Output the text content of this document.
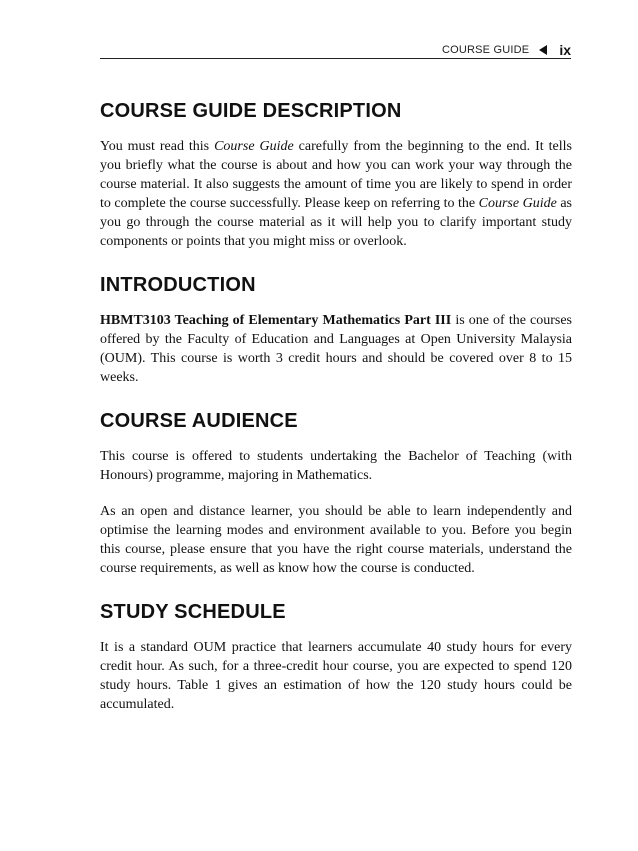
COURSE GUIDE ix
COURSE GUIDE DESCRIPTION

You must read this Course Guide carefully from the beginning to the end. It tells you briefly what the course is about and how you can work your way through the course material. It also suggests the amount of time you are likely to spend in order to complete the course successfully. Please keep on referring to the Course Guide as you go through the course material as it will help you to clarify important study components or points that you might miss or overlook.

INTRODUCTION

HBMT3103 Teaching of Elementary Mathematics Part III is one of the courses offered by the Faculty of Education and Languages at Open University Malaysia (OUM). This course is worth 3 credit hours and should be covered over 8 to 15 weeks.

COURSE AUDIENCE

This course is offered to students undertaking the Bachelor of Teaching (with Honours) programme, majoring in Mathematics.

As an open and distance learner, you should be able to learn independently and optimise the learning modes and environment available to you. Before you begin this course, please ensure that you have the right course materials, understand the course requirements, as well as know how the course is conducted.

STUDY SCHEDULE

It is a standard OUM practice that learners accumulate 40 study hours for every credit hour. As such, for a three-credit hour course, you are expected to spend 120 study hours. Table 1 gives an estimation of how the 120 study hours could be accumulated.
